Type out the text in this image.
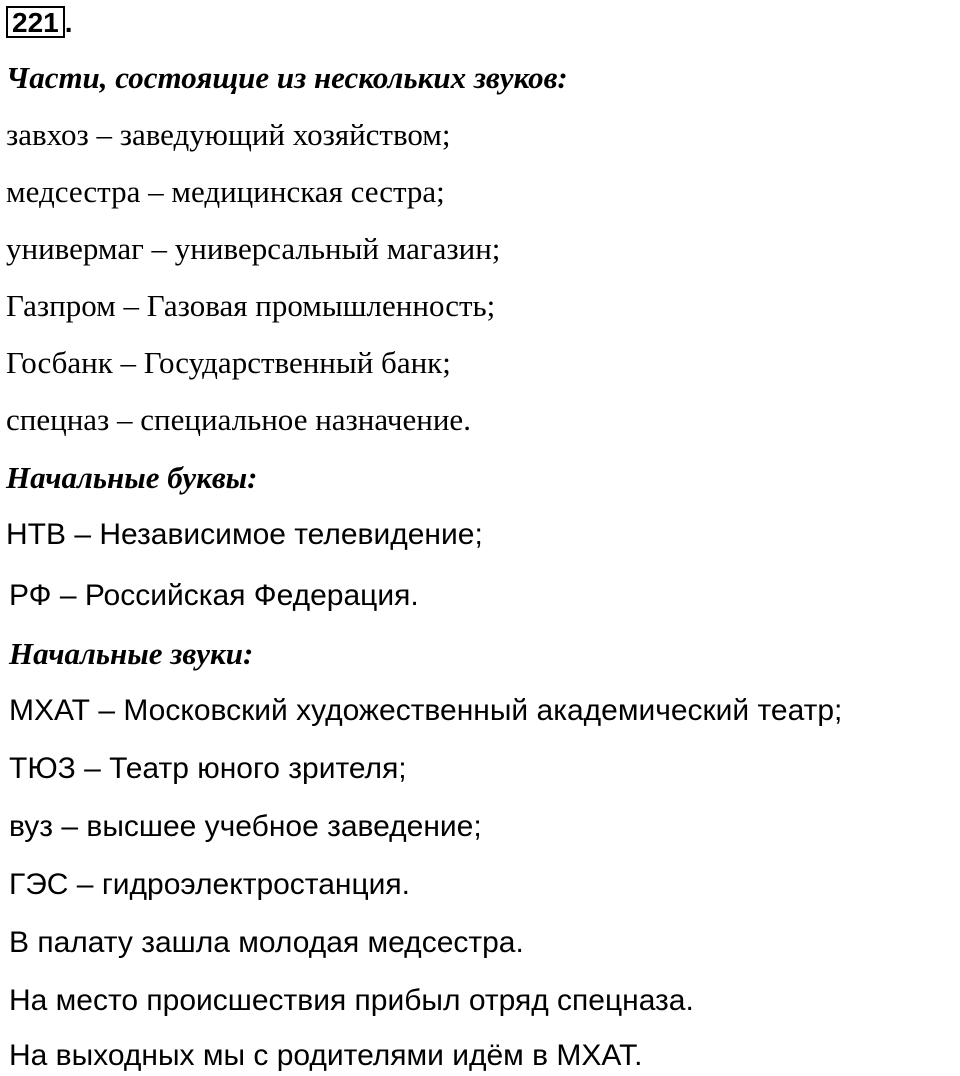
221 .
Части, состоящие из нескольких звуков:
завхоз – заведующий хозяйством;
медсестра – медицинская сестра;
универмаг – универсальный магазин;
Газпром – Газовая промышленность;
Госбанк – Государственный банк;
спецназ – специальное назначение.
Начальные буквы:
НТВ – Независимое телевидение;
РФ – Российская Федерация.
Начальные звуки:
МХАТ – Московский художественный академический театр;
ТЮЗ – Театр юного зрителя;
вуз – высшее учебное заведение;
ГЭС – гидроэлектростанция.
В палату зашла молодая медсестра.
На место происшествия прибыл отряд спецназа.
На выходных мы с родителями идём в МХАТ.
